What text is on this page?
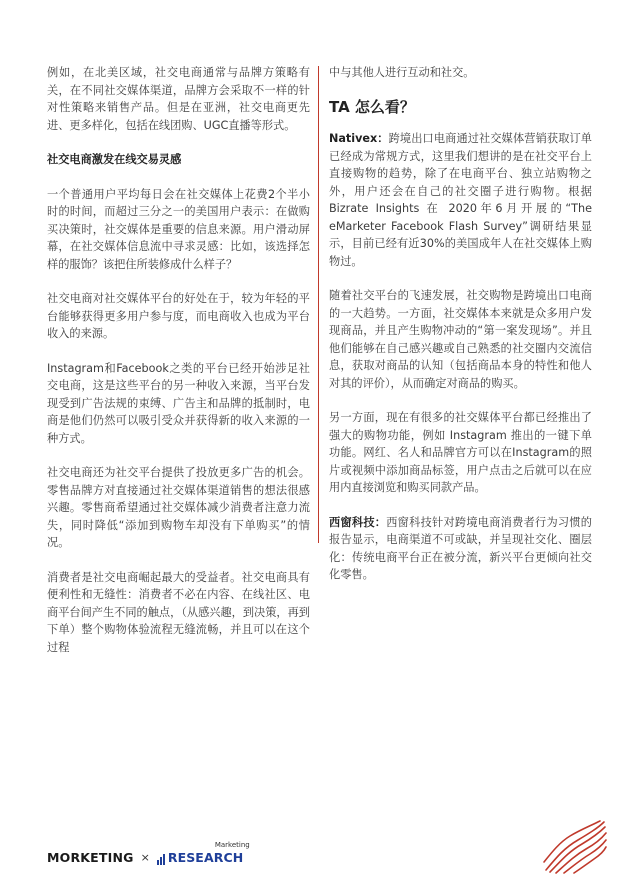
例如，在北美区域，社交电商通常与品牌方策略有关，在不同社交媒体渠道，品牌方会采取不一样的针对性策略来销售产品。但是在亚洲，社交电商更先进、更多样化，包括在线团购、UGC直播等形式。

社交电商激发在线交易灵感

一个普通用户平均每日会在社交媒体上花费2个半小时的时间，而超过三分之一的美国用户表示：在做购买决策时，社交媒体是重要的信息来源。用户滑动屏幕，在社交媒体信息流中寻求灵感：比如，该选择怎样的服饰？该把住所装修成什么样子？

社交电商对社交媒体平台的好处在于，较为年轻的平台能够获得更多用户参与度，而电商收入也成为平台收入的来源。

Instagram和Facebook之类的平台已经开始涉足社交电商，这是这些平台的另一种收入来源，当平台发现受到广告法规的束缚、广告主和品牌的抵制时，电商是他们仍然可以吸引受众并获得新的收入来源的一种方式。

社交电商还为社交平台提供了投放更多广告的机会。零售品牌方对直接通过社交媒体渠道销售的想法很感兴趣。零售商希望通过社交媒体减少消费者注意力流失，同时降低“添加到购物车却没有下单购买”的情况。

消费者是社交电商崛起最大的受益者。社交电商具有便利性和无缝性：消费者不必在内容、在线社区、电商平台间产生不同的触点，（从感兴趣，到决策，再到下单）整个购物体验流程无缝流畅，并且可以在这个过程

中与其他人进行互动和社交。

TA 怎么看？

Nativex：跨境出口电商通过社交媒体营销获取订单已经成为常规方式，这里我们想讲的是在社交平台上直接购物的趋势，除了在电商平台、独立站购物之外，用户还会在自己的社交圈子进行购物。根据 Bizrate Insights 在 2020年6月开展的“The eMarketer Facebook Flash Survey”调研结果显示，目前已经有近30%的美国成年人在社交媒体上购物过。

随着社交平台的飞速发展，社交购物是跨境出口电商的一大趋势。一方面，社交媒体本来就是众多用户发现商品，并且产生购物冲动的“第一案发现场”。并且他们能够在自己感兴趣或自己熟悉的社交圈内交流信息，获取对商品的认知（包括商品本身的特性和他人对其的评价），从而确定对商品的购买。

另一方面，现在有很多的社交媒体平台都已经推出了强大的购物功能，例如 Instagram 推出的一键下单功能。网红、名人和品牌官方可以在Instagram的照片或视频中添加商品标签，用户点击之后就可以在应用内直接浏览和购买同款产品。

西窗科技：西窗科技针对跨境电商消费者行为习惯的报告显示，电商渠道不可或缺，并呈现社交化、圈层化：传统电商平台正在被分流，新兴平台更倾向社交化零售。

MORKETING × RESEARCH
Marketing
